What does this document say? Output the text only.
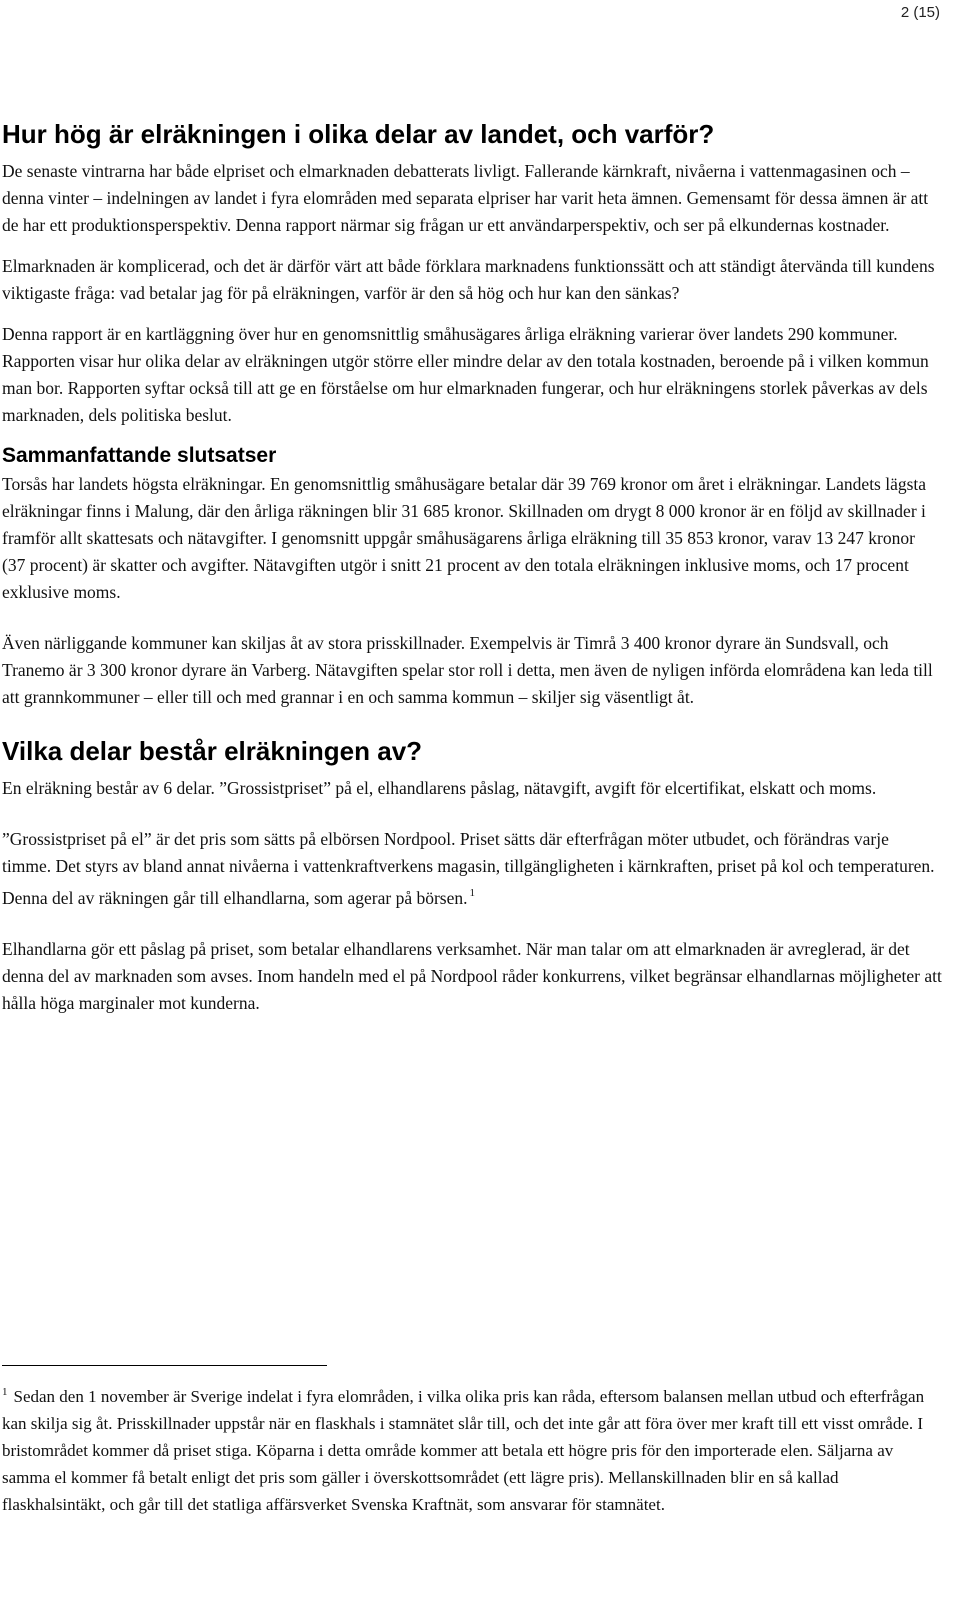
2 (15)
Hur hög är elräkningen i olika delar av landet, och varför?

De senaste vintrarna har både elpriset och elmarknaden debatterats livligt. Fallerande kärnkraft, nivåerna i vattenmagasinen och – denna vinter – indelningen av landet i fyra elområden med separata elpriser har varit heta ämnen. Gemensamt för dessa ämnen är att de har ett produktionsperspektiv. Denna rapport närmar sig frågan ur ett användarperspektiv, och ser på elkundernas kostnader.

Elmarknaden är komplicerad, och det är därför värt att både förklara marknadens funktionssätt och att ständigt återvända till kundens viktigaste fråga: vad betalar jag för på elräkningen, varför är den så hög och hur kan den sänkas?

Denna rapport är en kartläggning över hur en genomsnittlig småhusägares årliga elräkning varierar över landets 290 kommuner. Rapporten visar hur olika delar av elräkningen utgör större eller mindre delar av den totala kostnaden, beroende på i vilken kommun man bor. Rapporten syftar också till att ge en förståelse om hur elmarknaden fungerar, och hur elräkningens storlek påverkas av dels marknaden, dels politiska beslut.

Sammanfattande slutsatser

Torsås har landets högsta elräkningar. En genomsnittlig småhusägare betalar där 39 769 kronor om året i elräkningar. Landets lägsta elräkningar finns i Malung, där den årliga räkningen blir 31 685 kronor. Skillnaden om drygt 8 000 kronor är en följd av skillnader i framför allt skattesats och nätavgifter. I genomsnitt uppgår småhusägarens årliga elräkning till 35 853 kronor, varav 13 247 kronor (37 procent) är skatter och avgifter. Nätavgiften utgör i snitt 21 procent av den totala elräkningen inklusive moms, och 17 procent exklusive moms.

Även närliggande kommuner kan skiljas åt av stora prisskillnader. Exempelvis är Timrå 3 400 kronor dyrare än Sundsvall, och Tranemo är 3 300 kronor dyrare än Varberg. Nätavgiften spelar stor roll i detta, men även de nyligen införda elområdena kan leda till att grannkommuner – eller till och med grannar i en och samma kommun – skiljer sig väsentligt åt.

Vilka delar består elräkningen av?

En elräkning består av 6 delar. ”Grossistpriset” på el, elhandlarens påslag, nätavgift, avgift för elcertifikat, elskatt och moms.

”Grossistpriset på el” är det pris som sätts på elbörsen Nordpool. Priset sätts där efterfrågan möter utbudet, och förändras varje timme. Det styrs av bland annat nivåerna i vattenkraftverkens magasin, tillgängligheten i kärnkraften, priset på kol och temperaturen. Denna del av räkningen går till elhandlarna, som agerar på börsen. $^1$

Elhandlarna gör ett påslag på priset, som betalar elhandlarens verksamhet. När man talar om att elmarknaden är avreglerad, är det denna del av marknaden som avses. Inom handeln med el på Nordpool råder konkurrens, vilket begränsar elhandlarnas möjligheter att hålla höga marginaler mot kunderna.

$^1$ Sedan den 1 november är Sverige indelat i fyra elområden, i vilka olika pris kan råda, eftersom balansen mellan utbud och efterfrågan kan skilja sig åt. Prisskillnader uppstår när en flaskhals i stamnätet slår till, och det inte går att föra över mer kraft till ett visst område. I bristområdet kommer då priset stiga. Köparna i detta område kommer att betala ett högre pris för den importerade elen. Säljarna av samma el kommer få betalt enligt det pris som gäller i överskottsområdet (ett lägre pris). Mellanskillnaden blir en så kallad flaskhalsintäkt, och går till det statliga affärsverket Svenska Kraftnät, som ansvarar för stamnätet.
